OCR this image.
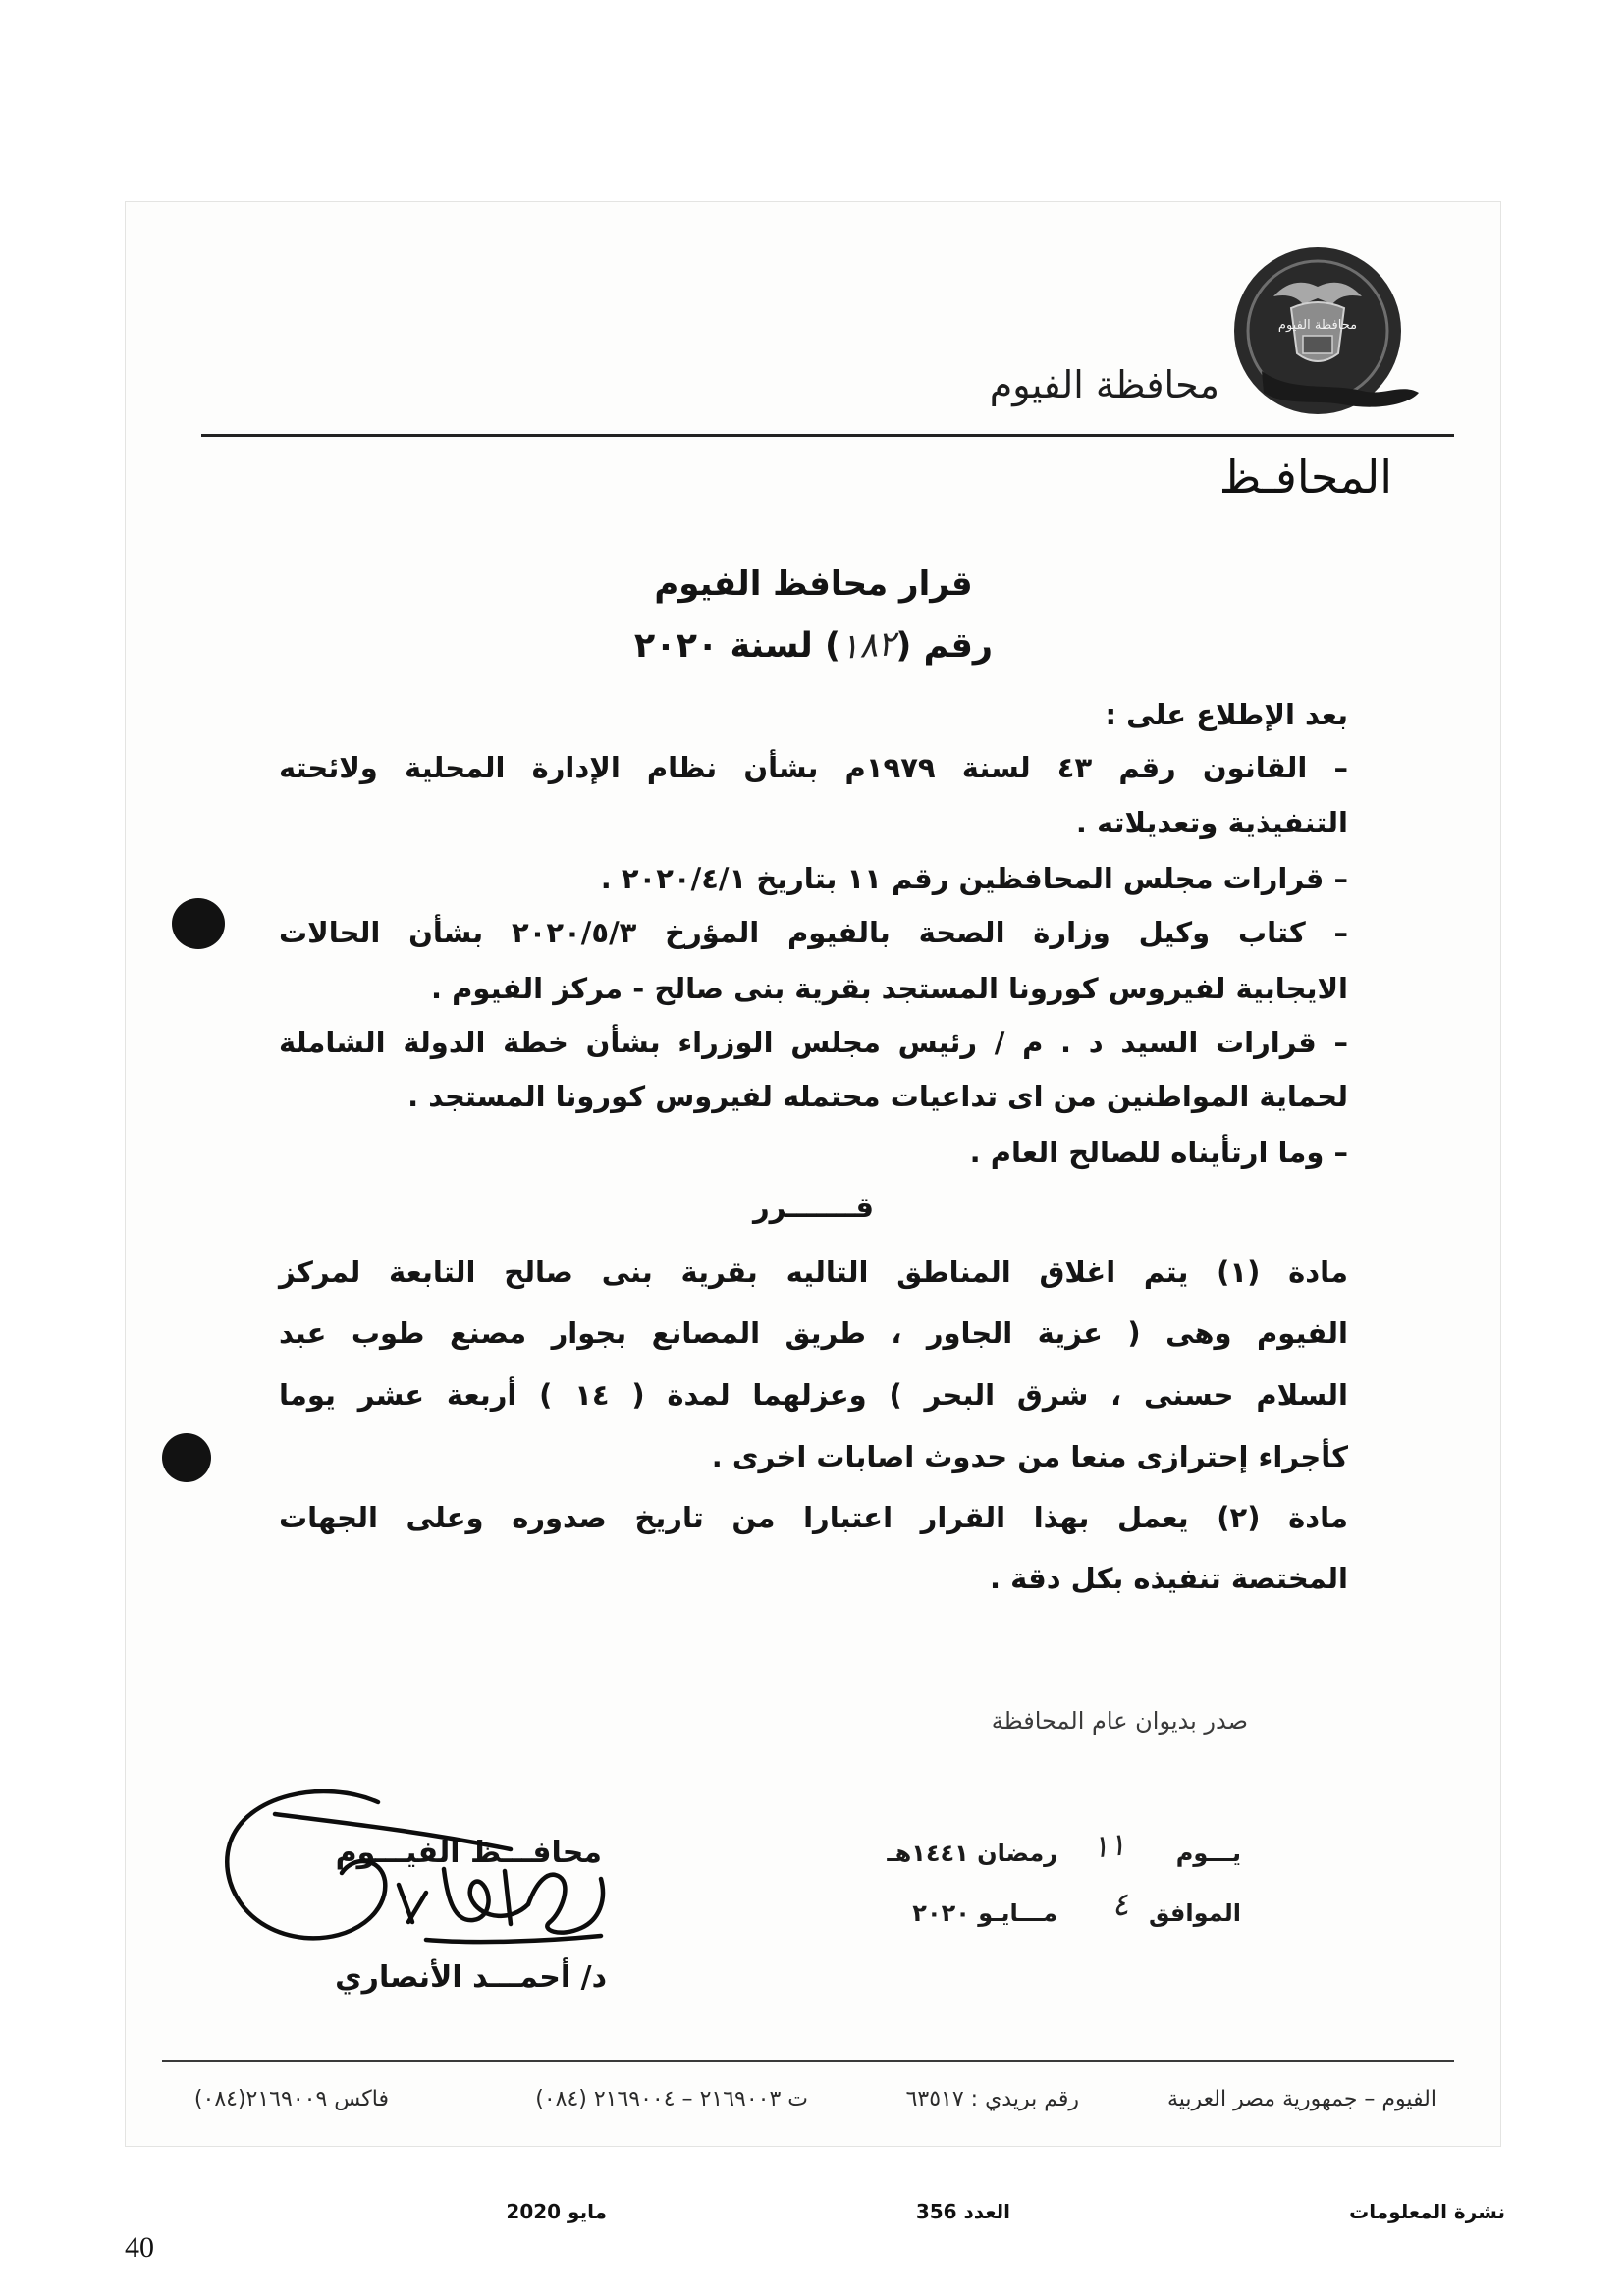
محافظة الفيوم
محافظة الفيوم
المحافـظ
قرار محافظ الفيوم
رقم (١٨٢) لسنة ٢٠٢٠
بعد الإطلاع على :
– القانون رقم ٤٣ لسنة ١٩٧٩م بشأن نظام الإدارة المحلية ولائحته
التنفيذية وتعديلاته .
– قرارات مجلس المحافظين رقم ١١ بتاريخ ٢٠٢٠/٤/١ .
– كتاب وكيل وزارة الصحة بالفيوم المؤرخ ٢٠٢٠/٥/٣ بشأن الحالات
الايجابية لفيروس كورونا المستجد بقرية بنى صالح - مركز الفيوم .
– قرارات السيد د . م / رئيس مجلس الوزراء بشأن خطة الدولة الشاملة
لحماية المواطنين من اى تداعيات محتمله لفيروس كورونا المستجد .
– وما ارتأيناه للصالح العام .
قـــــــرر
مادة (١) يتم اغلاق المناطق التاليه بقرية بنى صالح التابعة لمركز
الفيوم وهى ( عزية الجاور ، طريق المصانع بجوار مصنع طوب عبد
السلام حسنى ، شرق البحر ) وعزلهما لمدة ( ١٤ ) أربعة عشر يوما
كأجراء إحترازى منعا من حدوث اصابات اخرى .
مادة (٢) يعمل بهذا القرار اعتبارا من تاريخ صدوره وعلى الجهات
المختصة تنفيذه بكل دقة .
صدر بديوان عام المحافظة
يـــوم
١١
رمضان ١٤٤١هـ
الموافق
٤
مـــايـو ٢٠٢٠
محافـــظ الفيـــوم
د/ أحمـــد الأنصاري
الفيوم – جمهورية مصر العربية
رقم بريدي : ٦٣٥١٧
ت ٢١٦٩٠٠٣ – ٢١٦٩٠٠٤ (٠٨٤)
فاكس ٢١٦٩٠٠٩(٠٨٤)
نشرة المعلومات
العدد 356
مايو 2020
40
